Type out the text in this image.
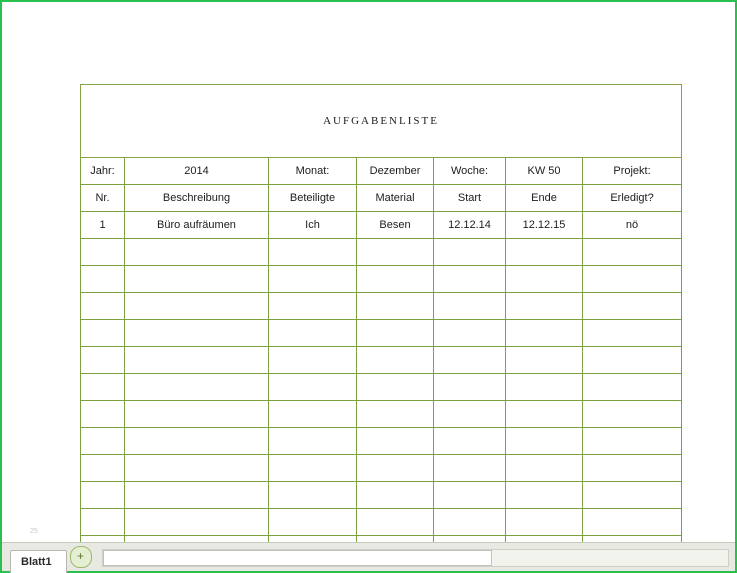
AUFGABENLISTE						
Jahr:	2014	Monat:	Dezember	Woche:	KW 50	Projekt:
Nr.	Beschreibung	Beteiligte	Material	Start	Ende	Erledigt?
1	Büro aufräumen	Ich	Besen	12.12.14	12.12.15	nö

25
Blatt1	+
